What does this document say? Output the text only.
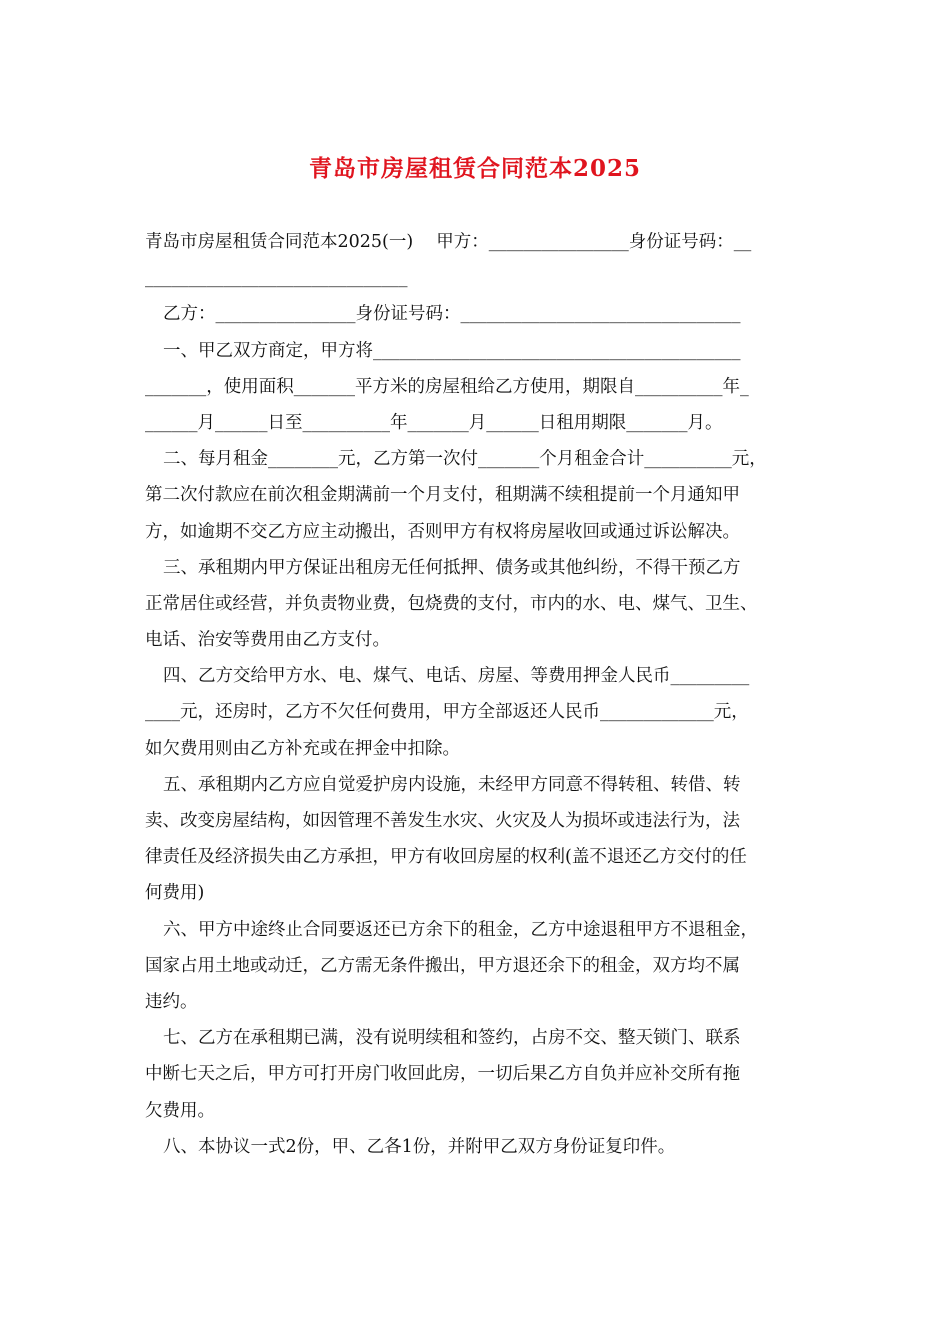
青岛市房屋租赁合同范本2025
青岛市房屋租赁合同范本2025(一)　 甲方：________________身份证号码：__
______________________________
乙方：________________身份证号码：________________________________
一、甲乙双方商定，甲方将__________________________________________
_______，使用面积_______平方米的房屋租给乙方使用，期限自__________年_
______月______日至__________年_______月______日租用期限_______月。
二、每月租金________元，乙方第一次付_______个月租金合计__________元，
第二次付款应在前次租金期满前一个月支付，租期满不续租提前一个月通知甲
方，如逾期不交乙方应主动搬出，否则甲方有权将房屋收回或通过诉讼解决。
三、承租期内甲方保证出租房无任何抵押、债务或其他纠纷，不得干预乙方
正常居住或经营，并负责物业费，包烧费的支付，市内的水、电、煤气、卫生、
电话、治安等费用由乙方支付。
四、乙方交给甲方水、电、煤气、电话、房屋、等费用押金人民币_________
____元，还房时，乙方不欠任何费用，甲方全部返还人民币_____________元，
如欠费用则由乙方补充或在押金中扣除。
五、承租期内乙方应自觉爱护房内设施，未经甲方同意不得转租、转借、转
卖、改变房屋结构，如因管理不善发生水灾、火灾及人为损坏或违法行为，法
律责任及经济损失由乙方承担，甲方有收回房屋的权利(盖不退还乙方交付的任
何费用)
六、甲方中途终止合同要返还已方余下的租金，乙方中途退租甲方不退租金，
国家占用土地或动迁，乙方需无条件搬出，甲方退还余下的租金，双方均不属
违约。
七、乙方在承租期已满，没有说明续租和签约，占房不交、整天锁门、联系
中断七天之后，甲方可打开房门收回此房，一切后果乙方自负并应补交所有拖
欠费用。
八、本协议一式2份，甲、乙各1份，并附甲乙双方身份证复印件。
